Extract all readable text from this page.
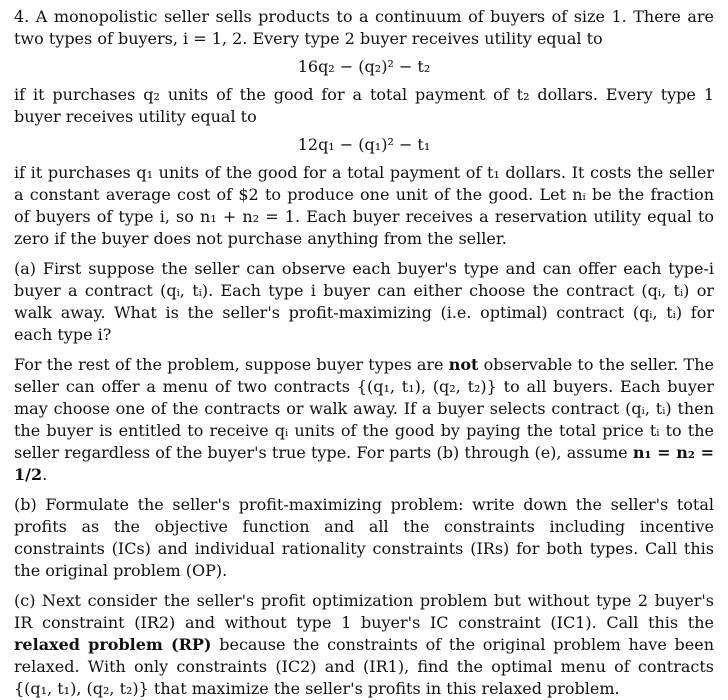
4. A monopolistic seller sells products to a continuum of buyers of size 1. There are two types of buyers, i = 1, 2. Every type 2 buyer receives utility equal to

16q₂ − (q₂)² − t₂

if it purchases q₂ units of the good for a total payment of t₂ dollars. Every type 1 buyer receives utility equal to

12q₁ − (q₁)² − t₁

if it purchases q₁ units of the good for a total payment of t₁ dollars. It costs the seller a constant average cost of $2 to produce one unit of the good. Let nᵢ be the fraction of buyers of type i, so n₁ + n₂ = 1. Each buyer receives a reservation utility equal to zero if the buyer does not purchase anything from the seller.

(a) First suppose the seller can observe each buyer's type and can offer each type-i buyer a contract (qᵢ, tᵢ). Each type i buyer can either choose the contract (qᵢ, tᵢ) or walk away. What is the seller's profit-maximizing (i.e. optimal) contract (qᵢ, tᵢ) for each type i?

For the rest of the problem, suppose buyer types are not observable to the seller. The seller can offer a menu of two contracts {(q₁, t₁), (q₂, t₂)} to all buyers. Each buyer may choose one of the contracts or walk away. If a buyer selects contract (qᵢ, tᵢ) then the buyer is entitled to receive qᵢ units of the good by paying the total price tᵢ to the seller regardless of the buyer's true type. For parts (b) through (e), assume n₁ = n₂ = 1/2.

(b) Formulate the seller's profit-maximizing problem: write down the seller's total profits as the objective function and all the constraints including incentive constraints (ICs) and individual rationality constraints (IRs) for both types. Call this the original problem (OP).

(c) Next consider the seller's profit optimization problem but without type 2 buyer's IR constraint (IR2) and without type 1 buyer's IC constraint (IC1). Call this the relaxed problem (RP) because the constraints of the original problem have been relaxed. With only constraints (IC2) and (IR1), find the optimal menu of contracts {(q₁, t₁), (q₂, t₂)} that maximize the seller's profits in this relaxed problem.
